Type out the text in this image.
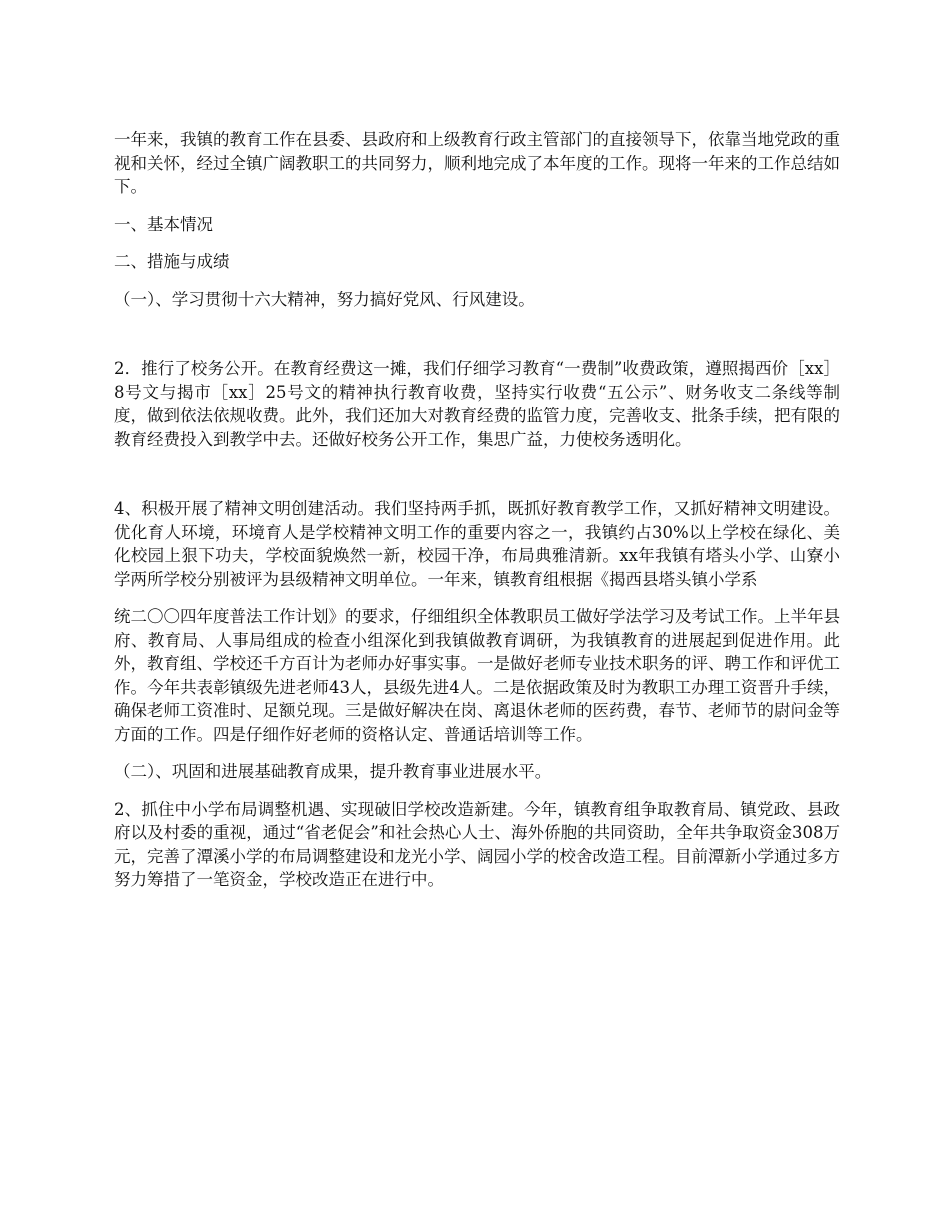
一年来，我镇的教育工作在县委、县政府和上级教育行政主管部门的直接领导下，依靠当地党政的重视和关怀，经过全镇广阔教职工的共同努力，顺利地完成了本年度的工作。现将一年来的工作总结如下。

一、基本情况

二、措施与成绩

（一）、学习贯彻十六大精神，努力搞好党风、行风建设。

2．推行了校务公开。在教育经费这一摊，我们仔细学习教育“一费制”收费政策，遵照揭西价［xx］8号文与揭市［xx］25号文的精神执行教育收费，坚持实行收费“五公示”、财务收支二条线等制度，做到依法依规收费。此外，我们还加大对教育经费的监管力度，完善收支、批条手续，把有限的教育经费投入到教学中去。还做好校务公开工作，集思广益，力使校务透明化。

4、积极开展了精神文明创建活动。我们坚持两手抓，既抓好教育教学工作，又抓好精神文明建设。优化育人环境，环境育人是学校精神文明工作的重要内容之一，我镇约占30%以上学校在绿化、美化校园上狠下功夫，学校面貌焕然一新，校园干净，布局典雅清新。xx年我镇有塔头小学、山寮小学两所学校分别被评为县级精神文明单位。一年来，镇教育组根据《揭西县塔头镇小学系

统二〇〇四年度普法工作计划》的要求，仔细组织全体教职员工做好学法学习及考试工作。上半年县府、教育局、人事局组成的检查小组深化到我镇做教育调研，为我镇教育的进展起到促进作用。此外，教育组、学校还千方百计为老师办好事实事。一是做好老师专业技术职务的评、聘工作和评优工作。今年共表彰镇级先进老师43人，县级先进4人。二是依据政策及时为教职工办理工资晋升手续，确保老师工资准时、足额兑现。三是做好解决在岗、离退休老师的医药费，春节、老师节的尉问金等方面的工作。四是仔细作好老师的资格认定、普通话培训等工作。

（二）、巩固和进展基础教育成果，提升教育事业进展水平。

2、抓住中小学布局调整机遇、实现破旧学校改造新建。今年，镇教育组争取教育局、镇党政、县政府以及村委的重视，通过“省老促会”和社会热心人士、海外侨胞的共同资助，全年共争取资金308万元，完善了潭溪小学的布局调整建设和龙光小学、阔园小学的校舍改造工程。目前潭新小学通过多方努力筹措了一笔资金，学校改造正在进行中。
